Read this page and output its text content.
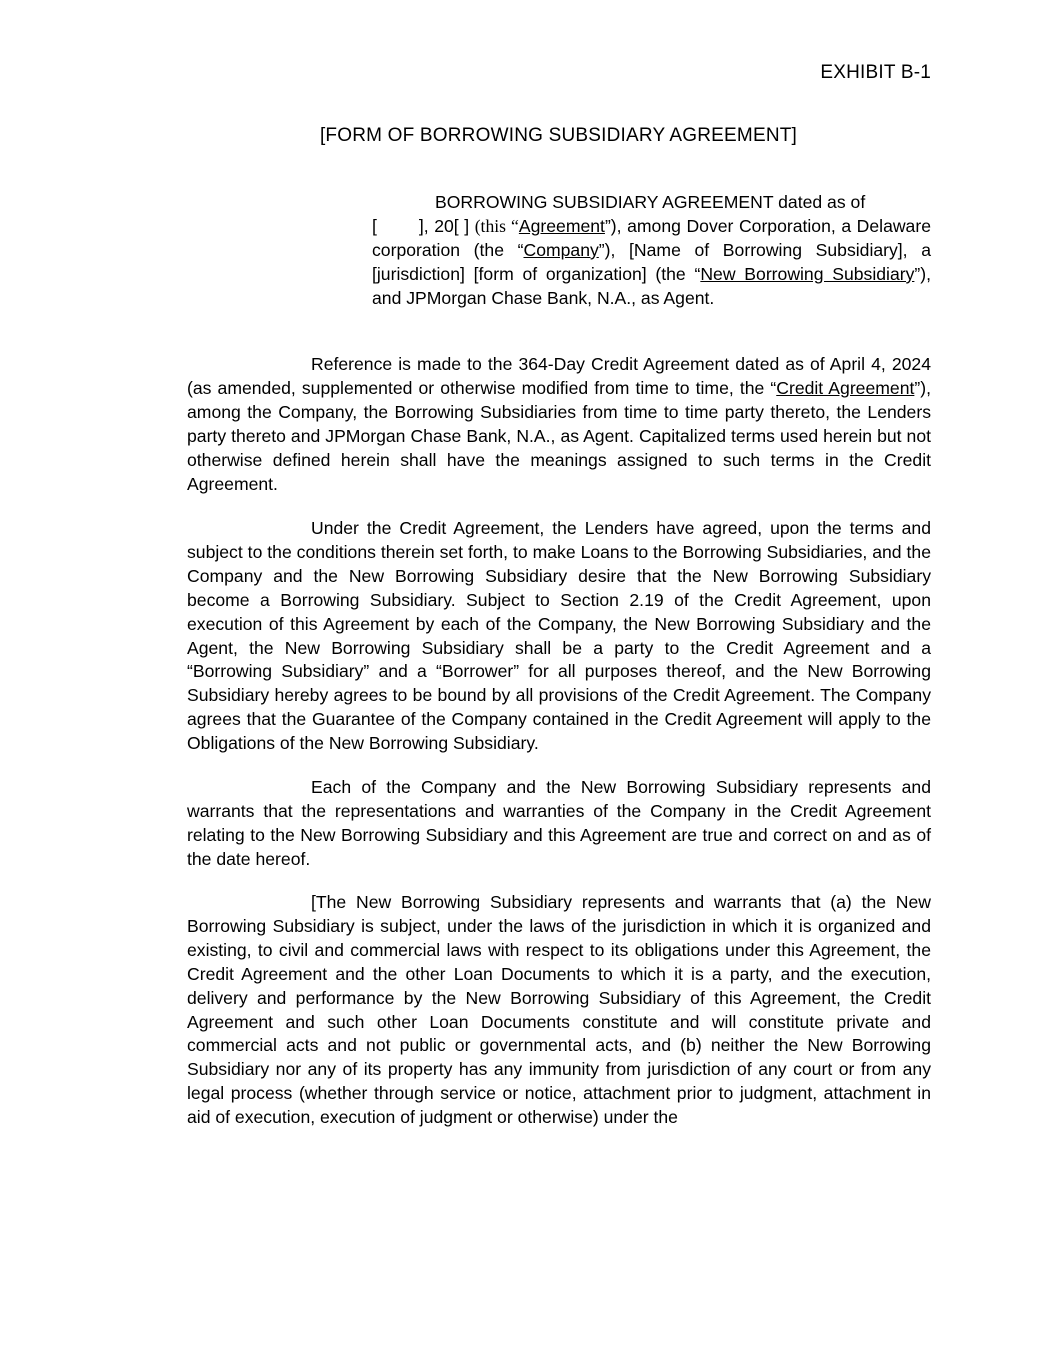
EXHIBIT B-1
[FORM OF BORROWING SUBSIDIARY AGREEMENT]
BORROWING SUBSIDIARY AGREEMENT dated as of
[ ], 20[ ] (this “Agreement”), among Dover Corporation, a Delaware corporation (the “Company”), [Name of Borrowing Subsidiary], a [jurisdiction] [form of organization] (the “New Borrowing Subsidiary”), and JPMorgan Chase Bank, N.A., as Agent.

Reference is made to the 364-Day Credit Agreement dated as of April 4, 2024 (as amended, supplemented or otherwise modified from time to time, the “Credit Agreement”), among the Company, the Borrowing Subsidiaries from time to time party thereto, the Lenders party thereto and JPMorgan Chase Bank, N.A., as Agent. Capitalized terms used herein but not otherwise defined herein shall have the meanings assigned to such terms in the Credit Agreement.

Under the Credit Agreement, the Lenders have agreed, upon the terms and subject to the conditions therein set forth, to make Loans to the Borrowing Subsidiaries, and the Company and the New Borrowing Subsidiary desire that the New Borrowing Subsidiary become a Borrowing Subsidiary. Subject to Section 2.19 of the Credit Agreement, upon execution of this Agreement by each of the Company, the New Borrowing Subsidiary and the Agent, the New Borrowing Subsidiary shall be a party to the Credit Agreement and a “Borrowing Subsidiary” and a “Borrower” for all purposes thereof, and the New Borrowing Subsidiary hereby agrees to be bound by all provisions of the Credit Agreement. The Company agrees that the Guarantee of the Company contained in the Credit Agreement will apply to the Obligations of the New Borrowing Subsidiary.

Each of the Company and the New Borrowing Subsidiary represents and warrants that the representations and warranties of the Company in the Credit Agreement relating to the New Borrowing Subsidiary and this Agreement are true and correct on and as of the date hereof.

[The New Borrowing Subsidiary represents and warrants that (a) the New Borrowing Subsidiary is subject, under the laws of the jurisdiction in which it is organized and existing, to civil and commercial laws with respect to its obligations under this Agreement, the Credit Agreement and the other Loan Documents to which it is a party, and the execution, delivery and performance by the New Borrowing Subsidiary of this Agreement, the Credit Agreement and such other Loan Documents constitute and will constitute private and commercial acts and not public or governmental acts, and (b) neither the New Borrowing Subsidiary nor any of its property has any immunity from jurisdiction of any court or from any legal process (whether through service or notice, attachment prior to judgment, attachment in aid of execution, execution of judgment or otherwise) under the
